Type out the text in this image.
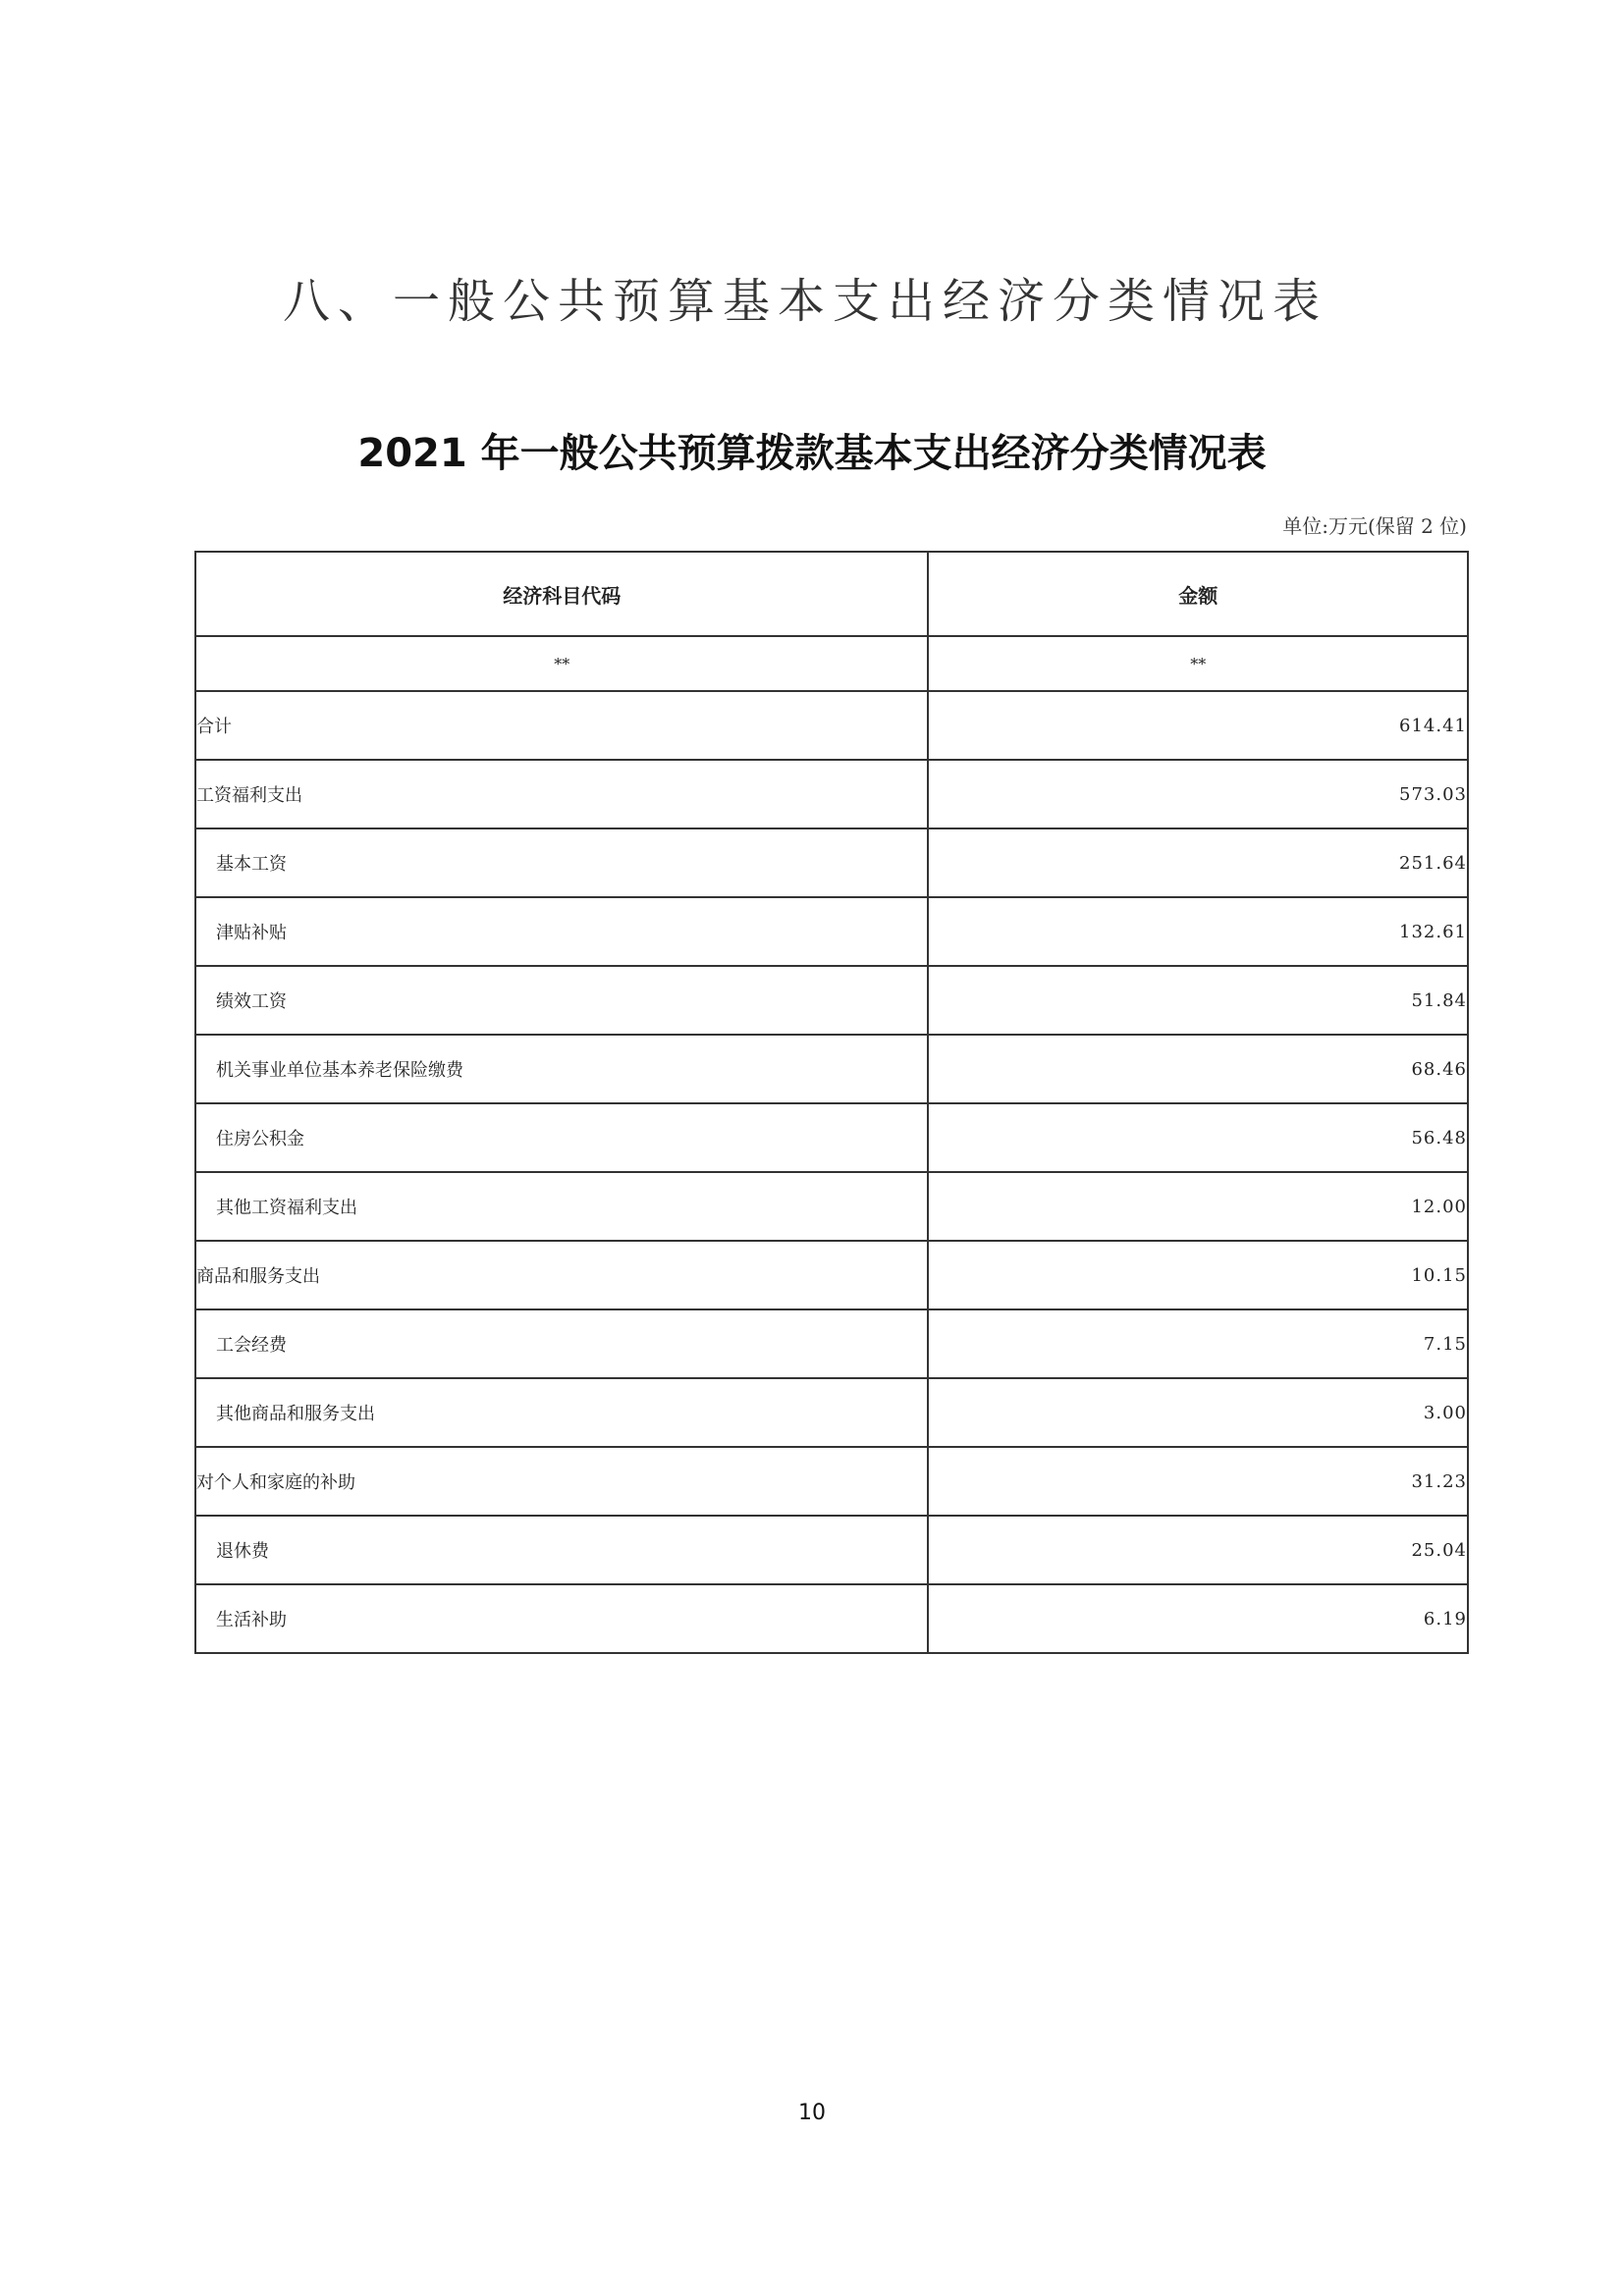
八、一般公共预算基本支出经济分类情况表
2021 年一般公共预算拨款基本支出经济分类情况表
单位:万元(保留 2 位)
经济科目代码	金额
**	**
合计	614.41
工资福利支出	573.03
基本工资	251.64
津贴补贴	132.61
绩效工资	51.84
机关事业单位基本养老保险缴费	68.46
住房公积金	56.48
其他工资福利支出	12.00
商品和服务支出	10.15
工会经费	7.15
其他商品和服务支出	3.00
对个人和家庭的补助	31.23
退休费	25.04
生活补助	6.19
10
